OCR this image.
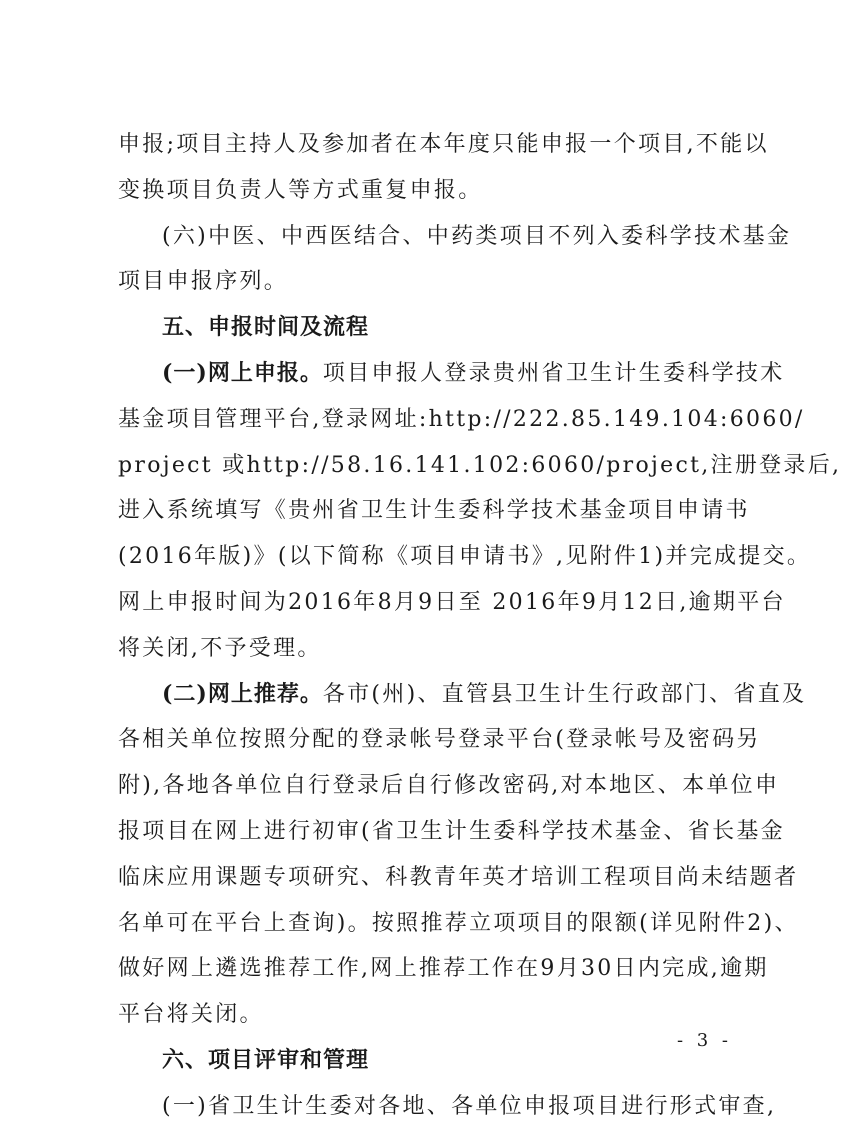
申报;项目主持人及参加者在本年度只能申报一个项目,不能以
变换项目负责人等方式重复申报。
(六)中医、中西医结合、中药类项目不列入委科学技术基金
项目申报序列。
五、申报时间及流程
(一)网上申报。项目申报人登录贵州省卫生计生委科学技术
基金项目管理平台,登录网址:http://222.85.149.104:6060/
project 或http://58.16.141.102:6060/project,注册登录后,
进入系统填写《贵州省卫生计生委科学技术基金项目申请书
(2016年版)》(以下简称《项目申请书》,见附件1)并完成提交。
网上申报时间为2016年8月9日至 2016年9月12日,逾期平台
将关闭,不予受理。
(二)网上推荐。各市(州)、直管县卫生计生行政部门、省直及
各相关单位按照分配的登录帐号登录平台(登录帐号及密码另
附),各地各单位自行登录后自行修改密码,对本地区、本单位申
报项目在网上进行初审(省卫生计生委科学技术基金、省长基金
临床应用课题专项研究、科教青年英才培训工程项目尚未结题者
名单可在平台上查询)。按照推荐立项项目的限额(详见附件2)、
做好网上遴选推荐工作,网上推荐工作在9月30日内完成,逾期
平台将关闭。
六、项目评审和管理
(一)省卫生计生委对各地、各单位申报项目进行形式审查,
- 3 -
